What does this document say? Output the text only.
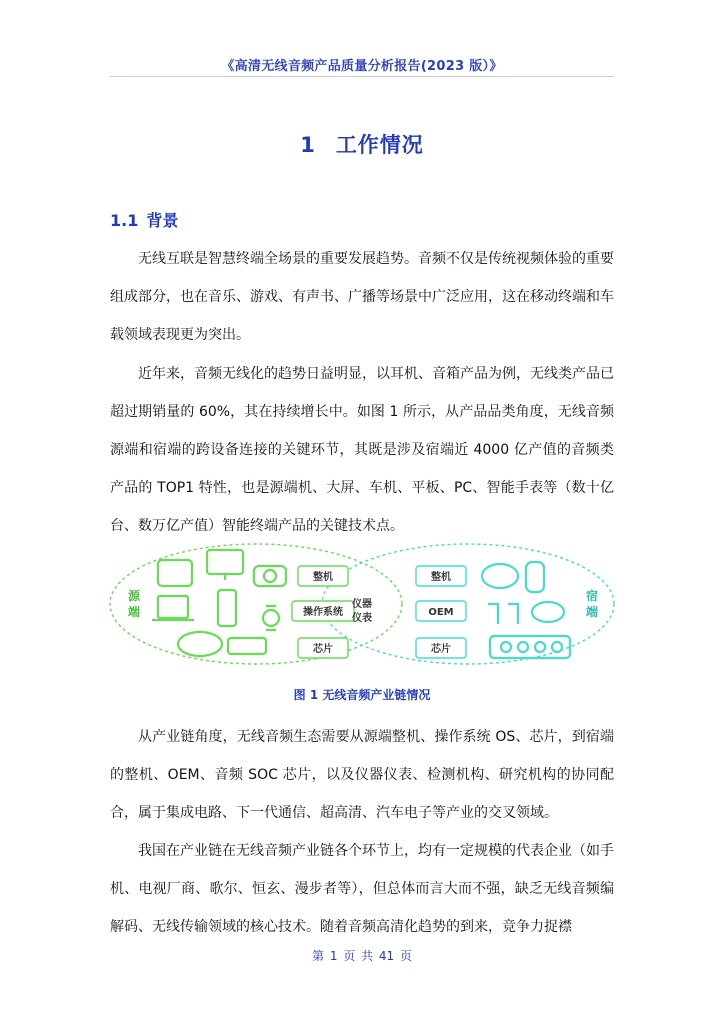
《高清无线音频产品质量分析报告(2023 版）》
1 工作情况
1.1 背景

无线互联是智慧终端全场景的重要发展趋势。音频不仅是传统视频体验的重要组成部分，也在音乐、游戏、有声书、广播等场景中广泛应用，这在移动终端和车载领域表现更为突出。

近年来，音频无线化的趋势日益明显，以耳机、音箱产品为例，无线类产品已超过期销量的 60%，其在持续增长中。如图 1 所示，从产品品类角度，无线音频源端和宿端的跨设备连接的关键环节，其既是涉及宿端近 4000 亿产值的音频类产品的 TOP1 特性，也是源端机、大屏、车机、平板、PC、智能手表等（数十亿台、数万亿产值）智能终端产品的关键技术点。

源
端
整机
操作系统
芯片
仪器
仪表
整机
OEM
芯片
宿
端
图 1 无线音频产业链情况

从产业链角度，无线音频生态需要从源端整机、操作系统 OS、芯片，到宿端的整机、OEM、音频 SOC 芯片，以及仪器仪表、检测机构、研究机构的协同配合，属于集成电路、下一代通信、超高清、汽车电子等产业的交叉领域。

我国在产业链在无线音频产业链各个环节上，均有一定规模的代表企业（如手机、电视厂商、歌尔、恒玄、漫步者等），但总体而言大而不强，缺乏无线音频编解码、无线传输领域的核心技术。随着音频高清化趋势的到来，竞争力捉襟

第 1 页 共 41 页
